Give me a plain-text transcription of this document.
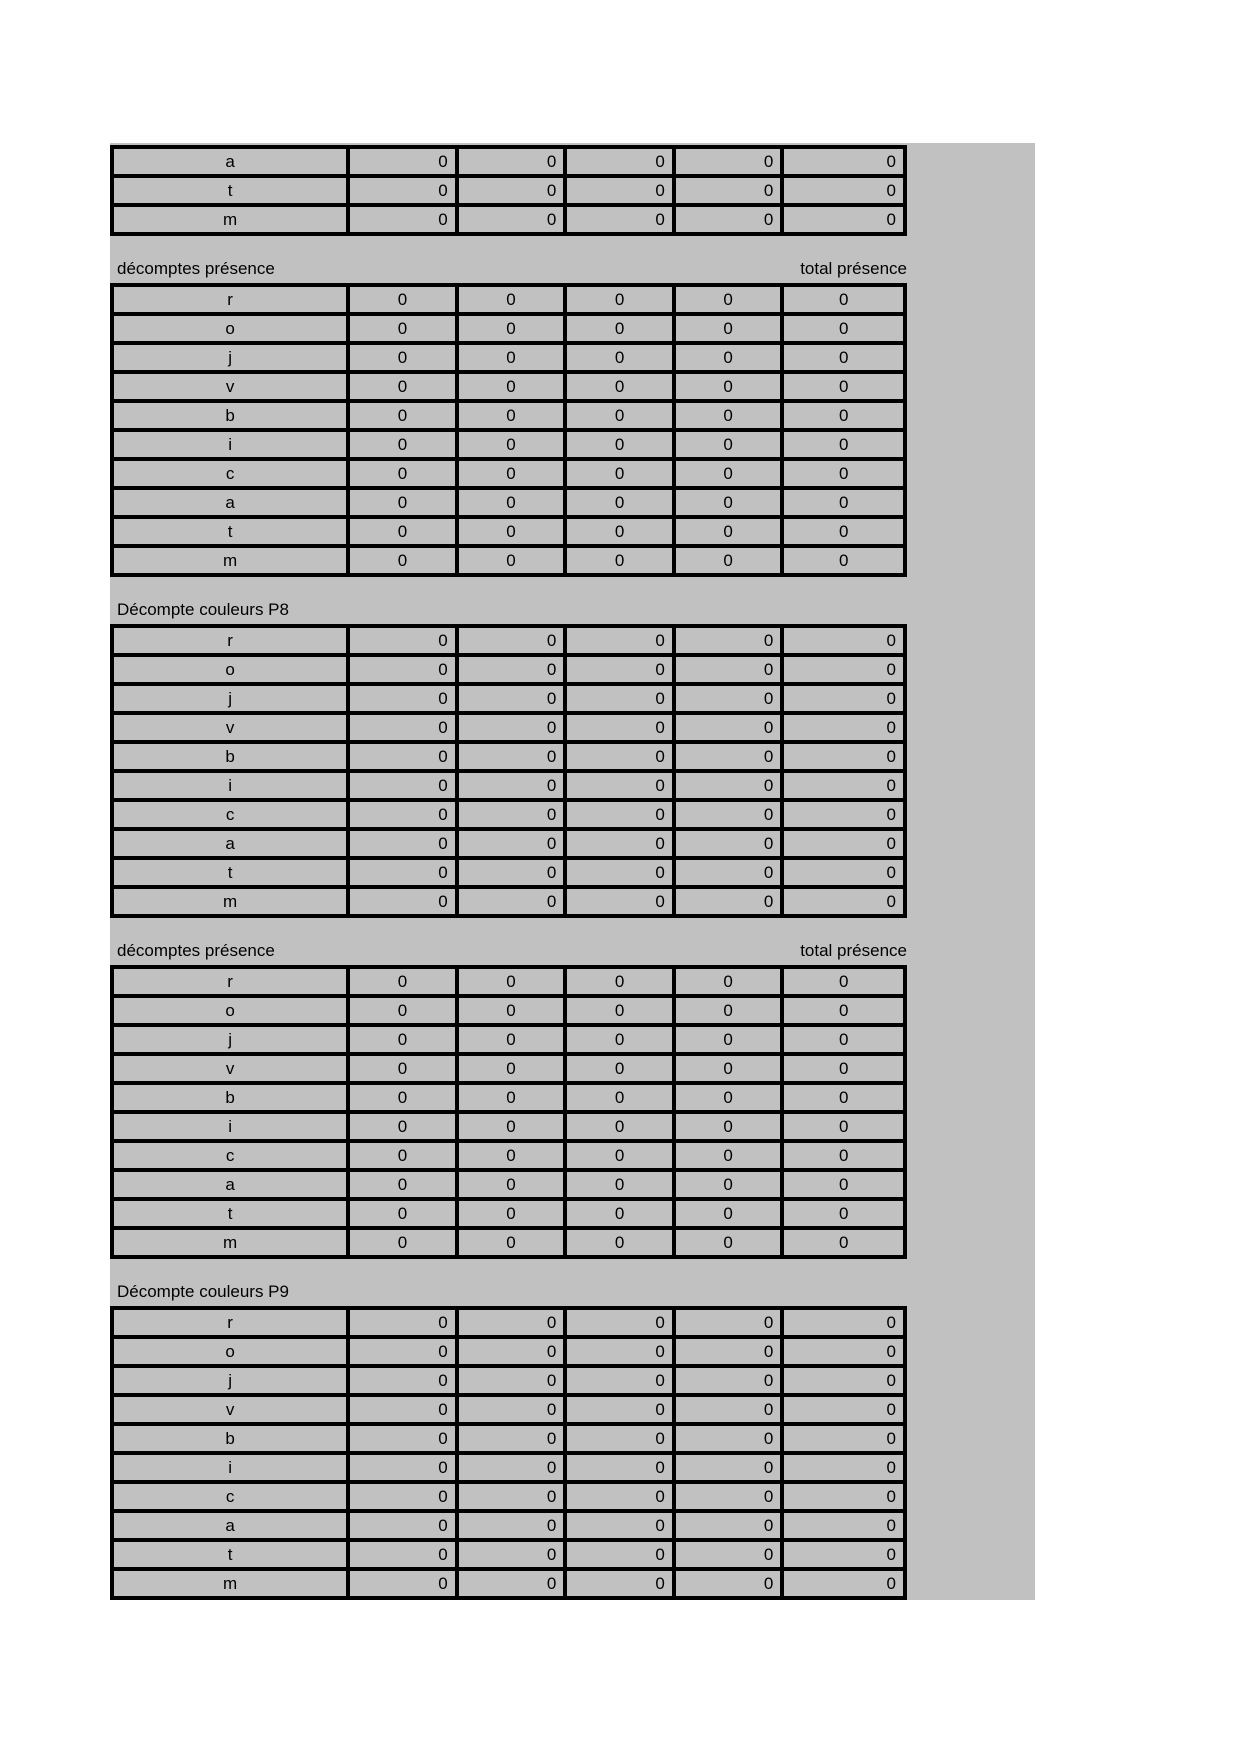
a	0	0	0	0	0
t	0	0	0	0	0
m	0	0	0	0	0
décomptes présence	total présence
r	0	0	0	0	0
o	0	0	0	0	0
j	0	0	0	0	0
v	0	0	0	0	0
b	0	0	0	0	0
i	0	0	0	0	0
c	0	0	0	0	0
a	0	0	0	0	0
t	0	0	0	0	0
m	0	0	0	0	0
Décompte couleurs P8
r	0	0	0	0	0
o	0	0	0	0	0
j	0	0	0	0	0
v	0	0	0	0	0
b	0	0	0	0	0
i	0	0	0	0	0
c	0	0	0	0	0
a	0	0	0	0	0
t	0	0	0	0	0
m	0	0	0	0	0
décomptes présence	total présence
r	0	0	0	0	0
o	0	0	0	0	0
j	0	0	0	0	0
v	0	0	0	0	0
b	0	0	0	0	0
i	0	0	0	0	0
c	0	0	0	0	0
a	0	0	0	0	0
t	0	0	0	0	0
m	0	0	0	0	0
Décompte couleurs P9
r	0	0	0	0	0
o	0	0	0	0	0
j	0	0	0	0	0
v	0	0	0	0	0
b	0	0	0	0	0
i	0	0	0	0	0
c	0	0	0	0	0
a	0	0	0	0	0
t	0	0	0	0	0
m	0	0	0	0	0
